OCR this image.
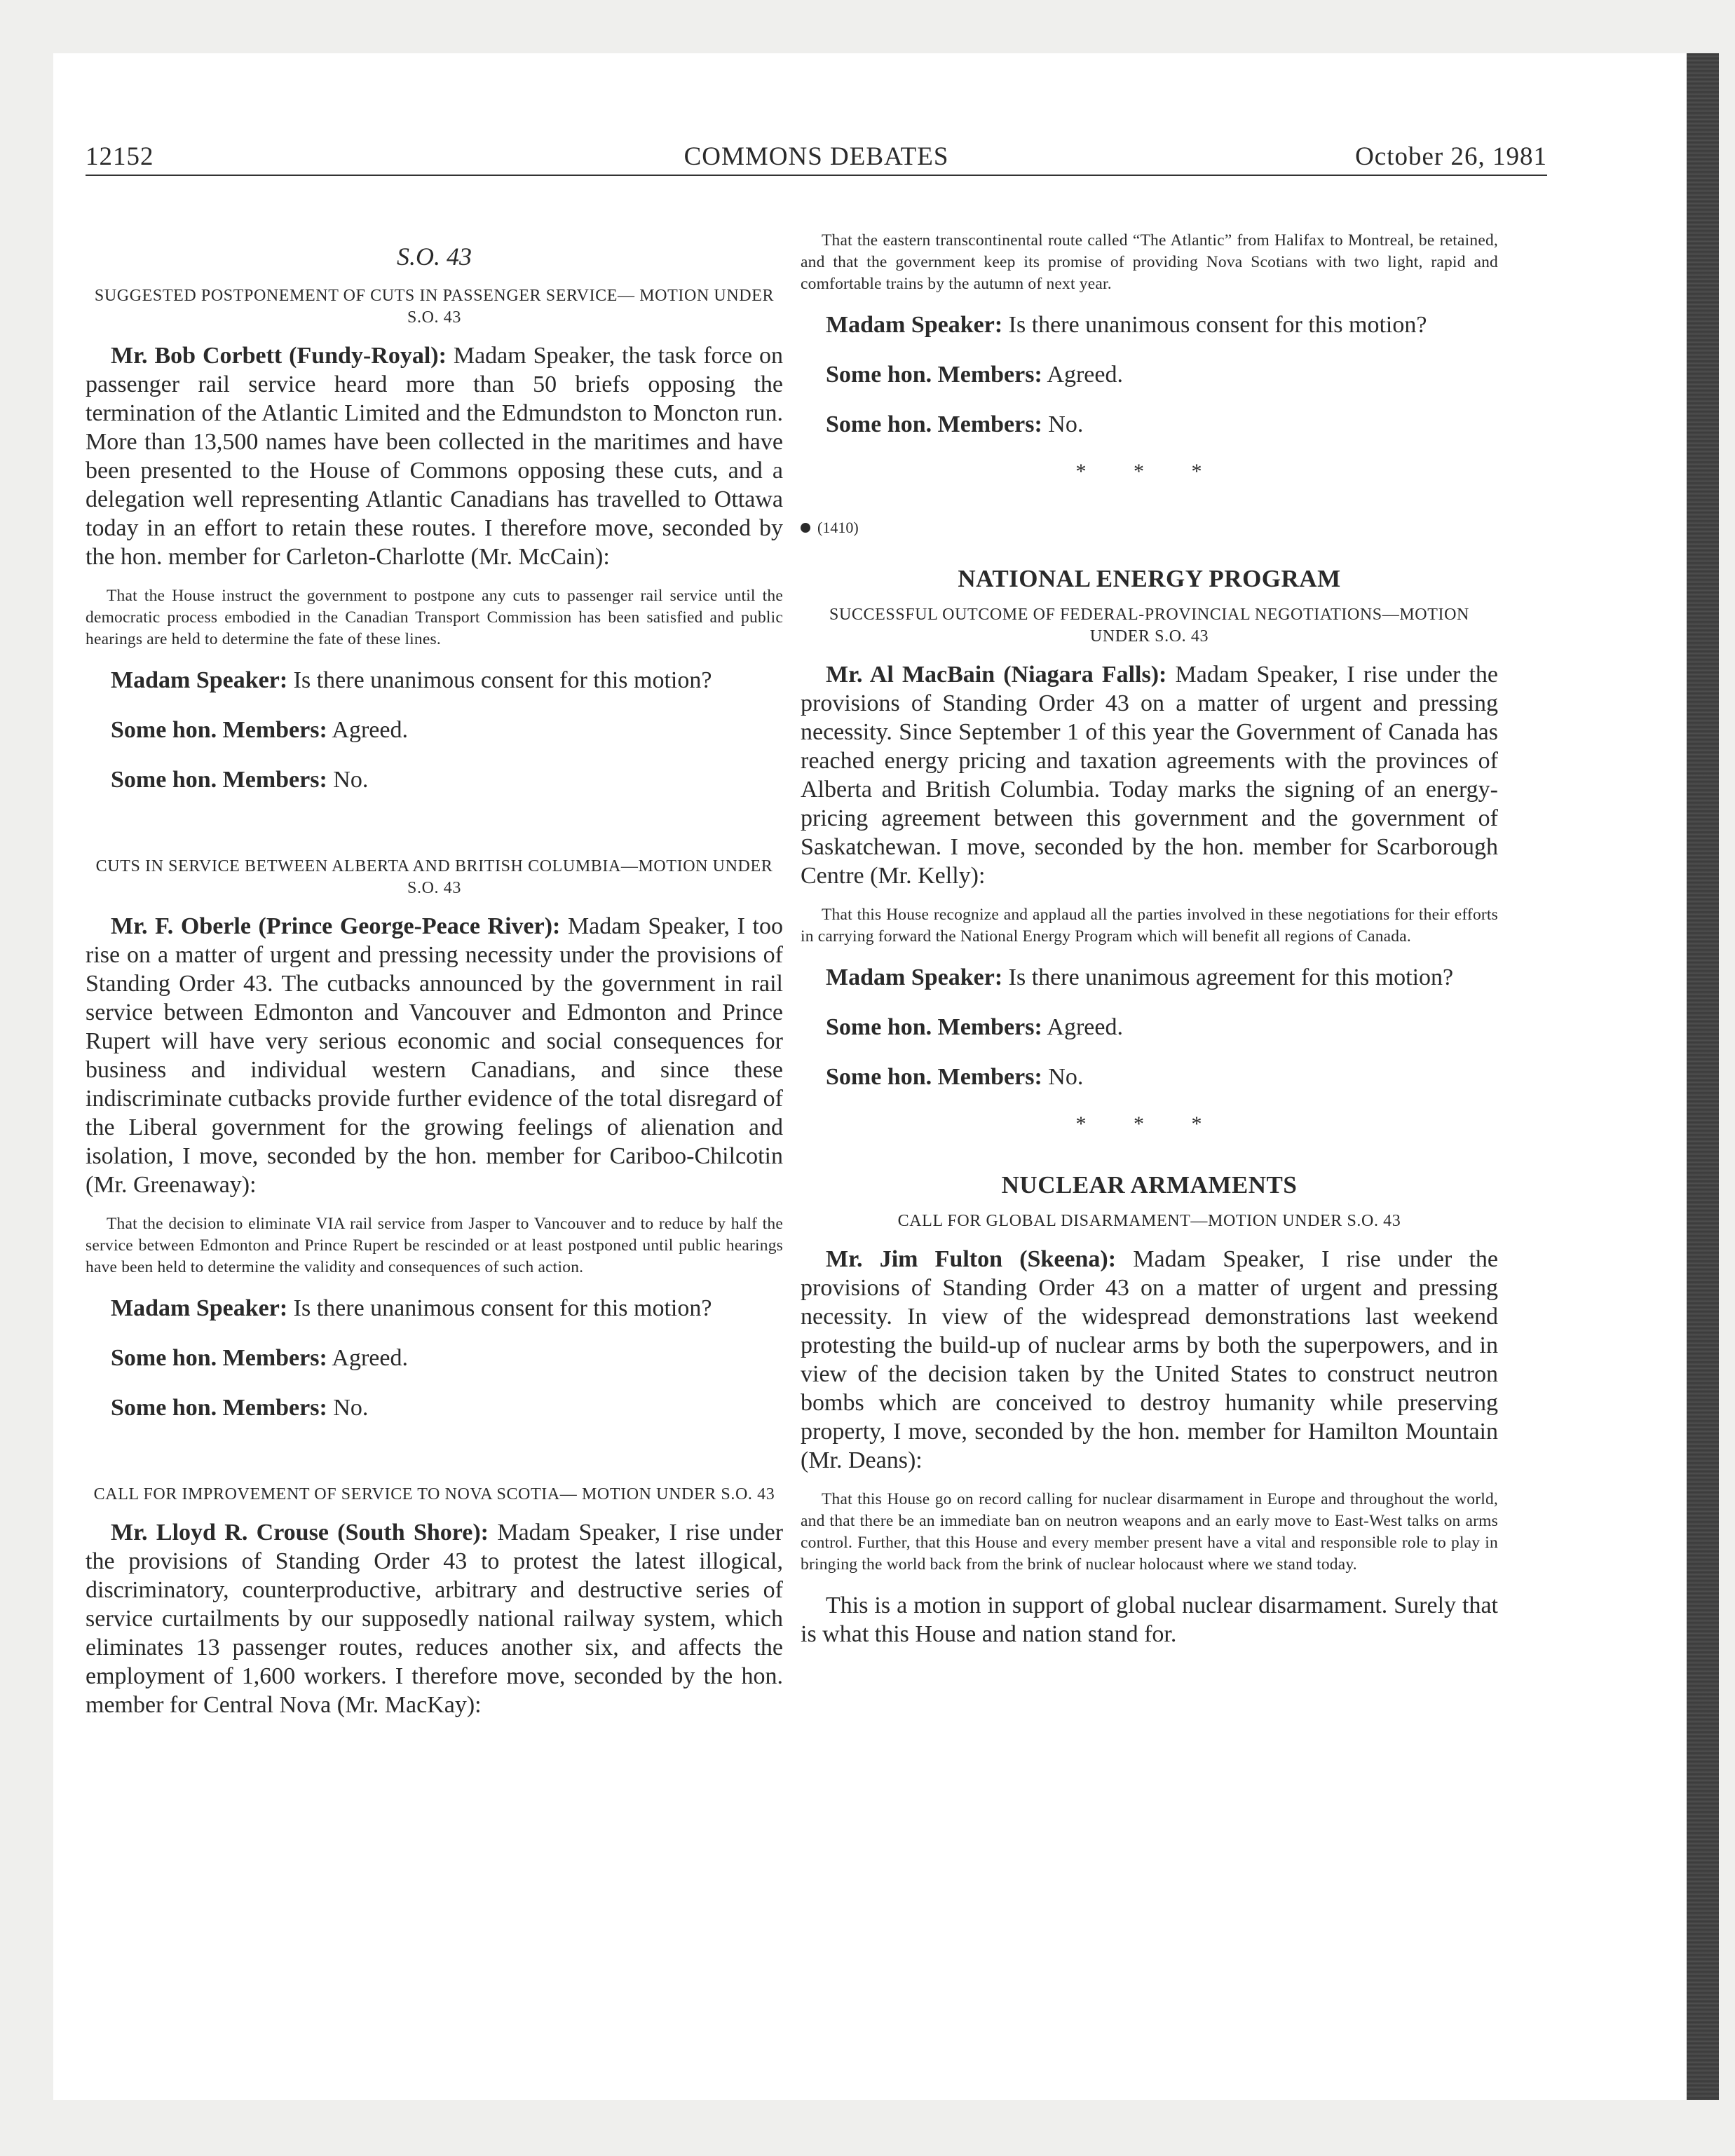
12152	COMMONS DEBATES	October 26, 1981
S.O. 43
SUGGESTED POSTPONEMENT OF CUTS IN PASSENGER SERVICE— MOTION UNDER S.O. 43

Mr. Bob Corbett (Fundy-Royal): Madam Speaker, the task force on passenger rail service heard more than 50 briefs opposing the termination of the Atlantic Limited and the Edmundston to Moncton run. More than 13,500 names have been collected in the maritimes and have been presented to the House of Commons opposing these cuts, and a delegation well representing Atlantic Canadians has travelled to Ottawa today in an effort to retain these routes. I therefore move, seconded by the hon. member for Carleton-Charlotte (Mr. McCain):

That the House instruct the government to postpone any cuts to passenger rail service until the democratic process embodied in the Canadian Transport Commission has been satisfied and public hearings are held to determine the fate of these lines.

Madam Speaker: Is there unanimous consent for this motion?

Some hon. Members: Agreed.

Some hon. Members: No.

CUTS IN SERVICE BETWEEN ALBERTA AND BRITISH COLUMBIA—MOTION UNDER S.O. 43

Mr. F. Oberle (Prince George-Peace River): Madam Speaker, I too rise on a matter of urgent and pressing necessity under the provisions of Standing Order 43. The cutbacks announced by the government in rail service between Edmonton and Vancouver and Edmonton and Prince Rupert will have very serious economic and social consequences for business and individual western Canadians, and since these indiscriminate cutbacks provide further evidence of the total disregard of the Liberal government for the growing feelings of alienation and isolation, I move, seconded by the hon. member for Cariboo-Chilcotin (Mr. Greenaway):

That the decision to eliminate VIA rail service from Jasper to Vancouver and to reduce by half the service between Edmonton and Prince Rupert be rescinded or at least postponed until public hearings have been held to determine the validity and consequences of such action.

Madam Speaker: Is there unanimous consent for this motion?

Some hon. Members: Agreed.

Some hon. Members: No.

CALL FOR IMPROVEMENT OF SERVICE TO NOVA SCOTIA— MOTION UNDER S.O. 43

Mr. Lloyd R. Crouse (South Shore): Madam Speaker, I rise under the provisions of Standing Order 43 to protest the latest illogical, discriminatory, counterproductive, arbitrary and destructive series of service curtailments by our supposedly national railway system, which eliminates 13 passenger routes, reduces another six, and affects the employment of 1,600 workers. I therefore move, seconded by the hon. member for Central Nova (Mr. MacKay):

That the eastern transcontinental route called “The Atlantic” from Halifax to Montreal, be retained, and that the government keep its promise of providing Nova Scotians with two light, rapid and comfortable trains by the autumn of next year.

Madam Speaker: Is there unanimous consent for this motion?

Some hon. Members: Agreed.

Some hon. Members: No.

* * *
(1410)
NATIONAL ENERGY PROGRAM
SUCCESSFUL OUTCOME OF FEDERAL-PROVINCIAL NEGOTIATIONS—MOTION UNDER S.O. 43

Mr. Al MacBain (Niagara Falls): Madam Speaker, I rise under the provisions of Standing Order 43 on a matter of urgent and pressing necessity. Since September 1 of this year the Government of Canada has reached energy pricing and taxation agreements with the provinces of Alberta and British Columbia. Today marks the signing of an energy-pricing agreement between this government and the government of Saskatchewan. I move, seconded by the hon. member for Scarborough Centre (Mr. Kelly):

That this House recognize and applaud all the parties involved in these negotiations for their efforts in carrying forward the National Energy Program which will benefit all regions of Canada.

Madam Speaker: Is there unanimous agreement for this motion?

Some hon. Members: Agreed.

Some hon. Members: No.

* * *
NUCLEAR ARMAMENTS
CALL FOR GLOBAL DISARMAMENT—MOTION UNDER S.O. 43

Mr. Jim Fulton (Skeena): Madam Speaker, I rise under the provisions of Standing Order 43 on a matter of urgent and pressing necessity. In view of the widespread demonstrations last weekend protesting the build-up of nuclear arms by both the superpowers, and in view of the decision taken by the United States to construct neutron bombs which are conceived to destroy humanity while preserving property, I move, seconded by the hon. member for Hamilton Mountain (Mr. Deans):

That this House go on record calling for nuclear disarmament in Europe and throughout the world, and that there be an immediate ban on neutron weapons and an early move to East-West talks on arms control. Further, that this House and every member present have a vital and responsible role to play in bringing the world back from the brink of nuclear holocaust where we stand today.

This is a motion in support of global nuclear disarmament. Surely that is what this House and nation stand for.
